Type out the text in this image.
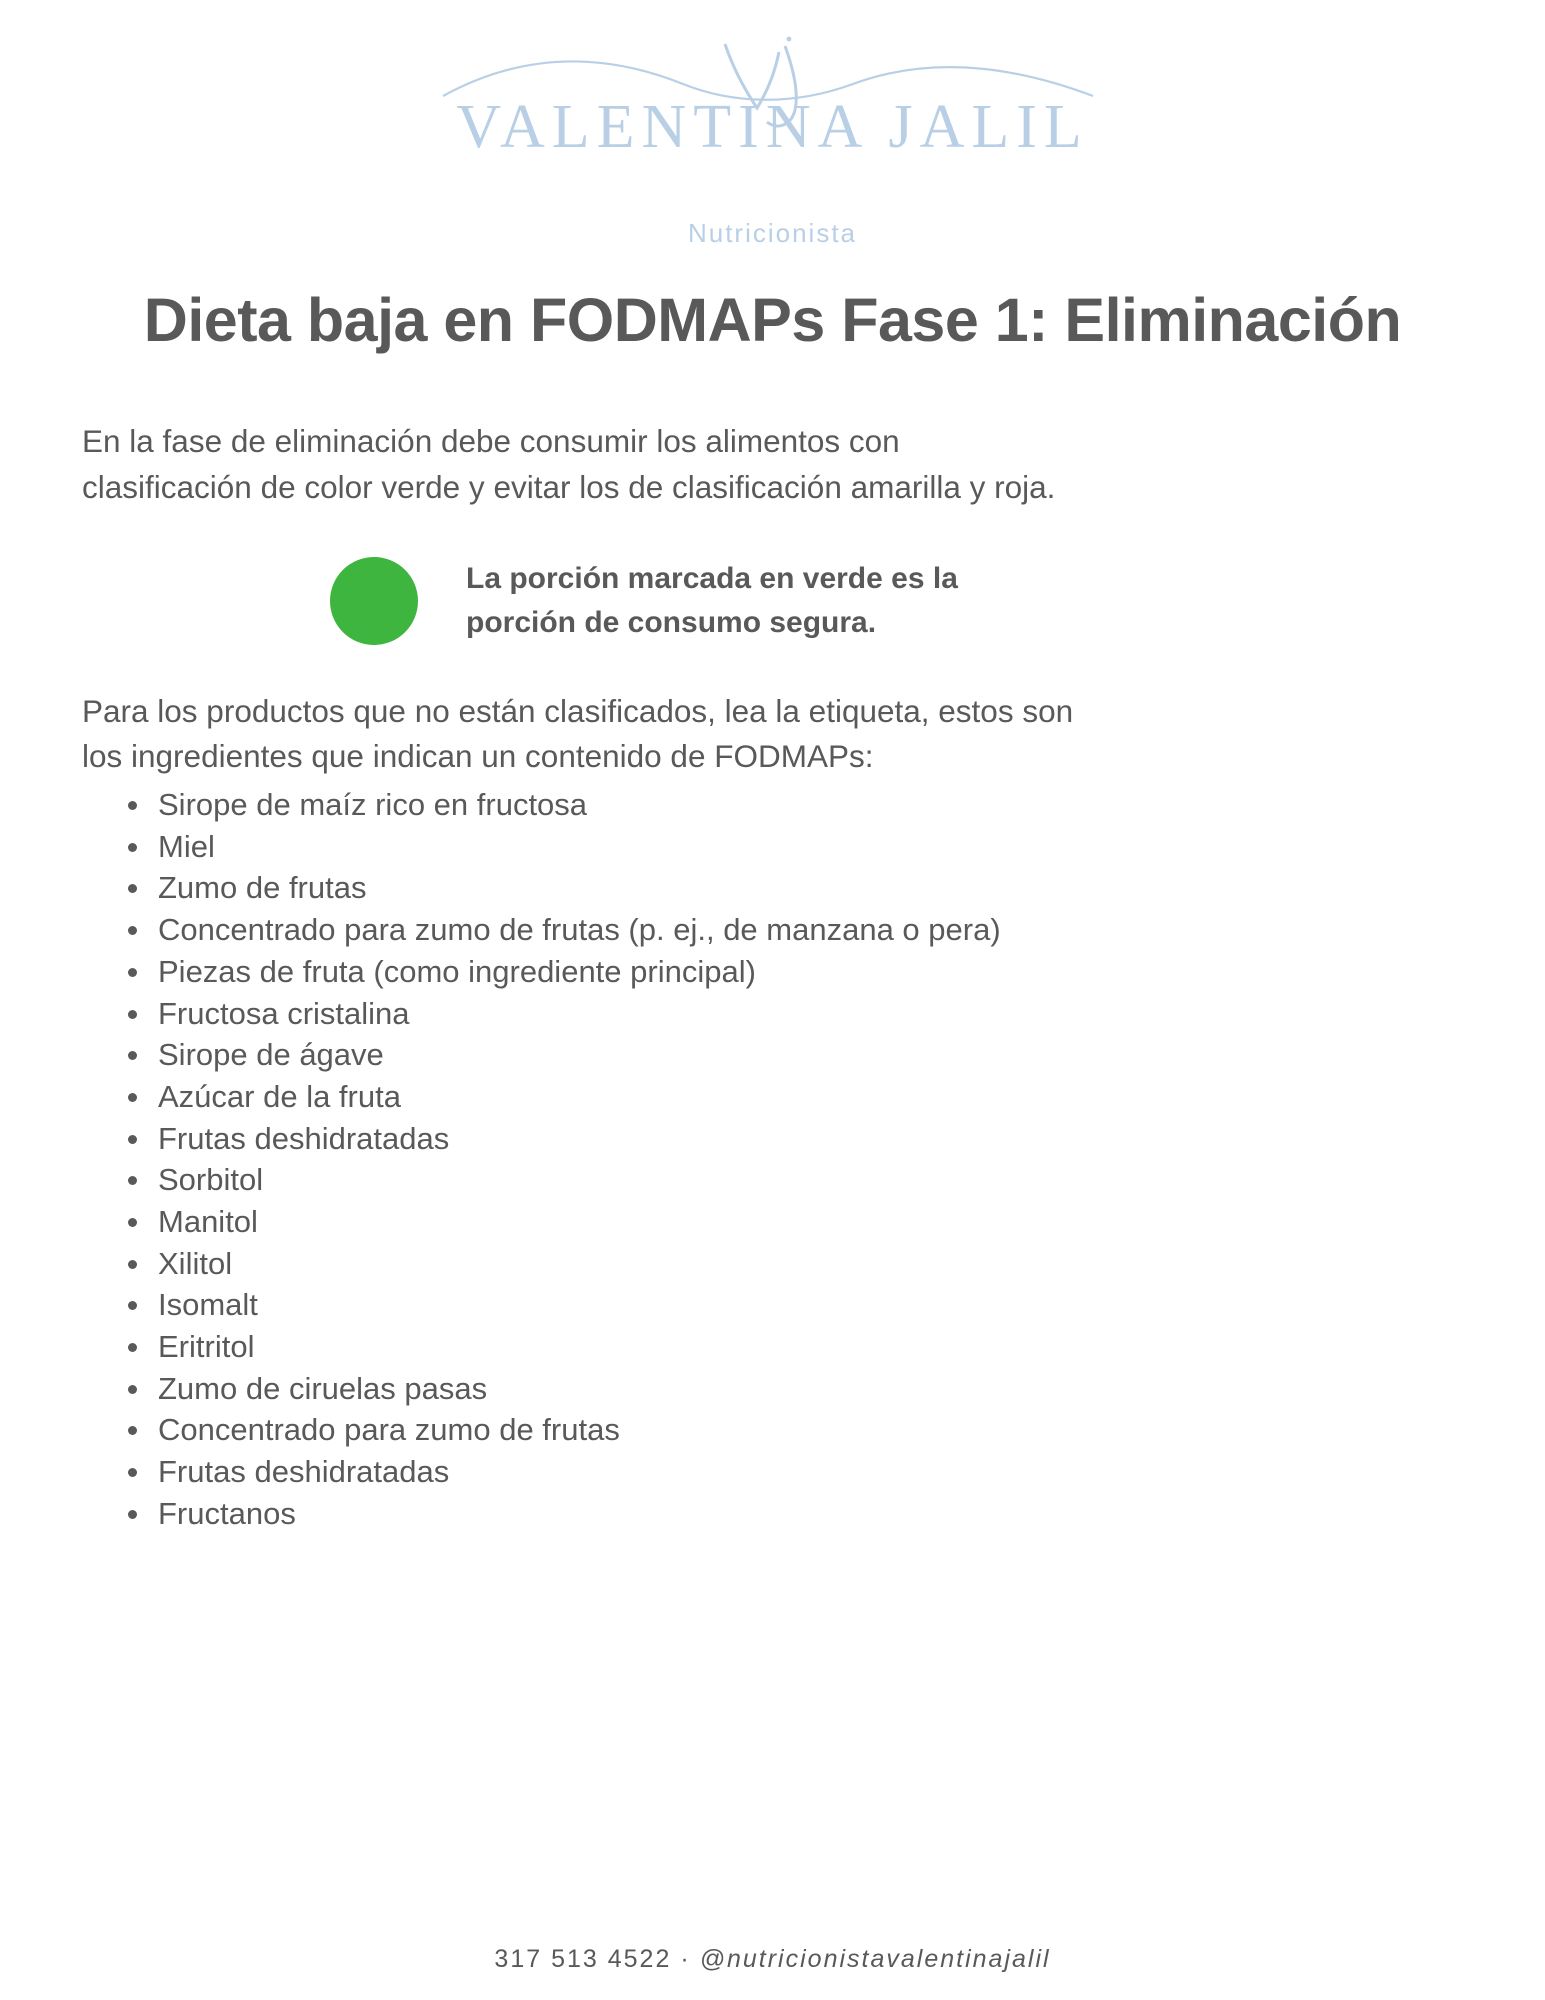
VALENTINA JALIL
Nutricionista
Dieta baja en FODMAPs Fase 1: Eliminación
En la fase de eliminación debe consumir los alimentos con
clasificación de color verde y evitar los de clasificación amarilla y roja.
La porción marcada en verde es la
porción de consumo segura.
Para los productos que no están clasificados, lea la etiqueta, estos son
los ingredientes que indican un contenido de FODMAPs:
Sirope de maíz rico en fructosa
Miel
Zumo de frutas
Concentrado para zumo de frutas (p. ej., de manzana o pera)
Piezas de fruta (como ingrediente principal)
Fructosa cristalina
Sirope de ágave
Azúcar de la fruta
Frutas deshidratadas
Sorbitol
Manitol
Xilitol
Isomalt
Eritritol
Zumo de ciruelas pasas
Concentrado para zumo de frutas
Frutas deshidratadas
Fructanos
317 513 4522 · @nutricionistavalentinajalil
